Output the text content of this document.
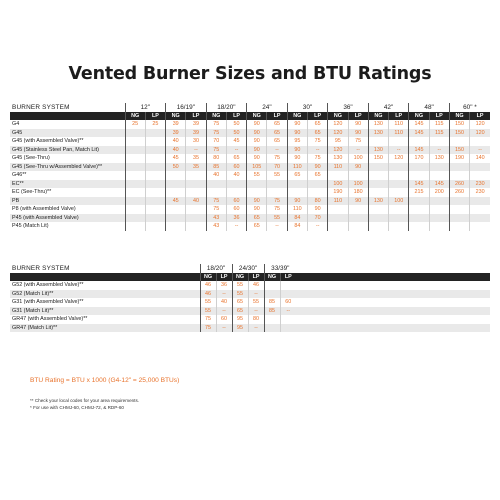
Vented Burner Sizes and BTU Ratings
BURNER SYSTEM	12"		16/19"		18/20"		24"		30"		36"		42"		48"		60" *	
	NG	LP	NG	LP	NG	LP	NG	LP	NG	LP	NG	LP	NG	LP	NG	LP	NG	LP
G4	25	25	39	39	75	50	90	65	90	65	120	90	130	110	145	115	150	120
G45			39	39	75	50	90	65	90	65	120	90	130	110	145	115	150	120
G45 (with Assembled Valve)**			40	30	70	45	90	65	95	75	95	75						
G45 (Stainless Steel Pan, Match Lit)			40	--	75	--	90	--	90	--	120	--	130	--	145	--	150	--
G45 (See-Thru)			45	35	80	65	90	75	90	75	130	100	150	120	170	130	190	140
G45 (See-Thru w/Assembled Valve)**			50	35	85	60	105	70	110	90	110	90						
G46**					40	40	55	55	65	65								
EC**											100	100			145	145	260	230
EC (See-Thru)**											190	180			215	200	260	230
PB			45	40	75	60	90	75	90	80	110	90	130	100				
P8 (with Assembled Valve)					75	60	90	75	110	90								
P45 (with Assembled Valve)					43	36	65	55	84	70								
P45 (Match Lit)					43	--	65	--	84	--								
BURNER SYSTEM	18/20"		24/30"		33/39"		
	NG	LP	NG	LP	NG	LP	
G52 (with Assembled Valve)**	46	36	55	46			
G52 (Match Lit)**	46	--	55	--			
G31 (with Assembled Valve)**	55	40	65	55	85	60	
G31 (Match Lit)**	55	--	65	--	85	--	
GR47 (with Assembled Valve)**	75	60	95	80			
GR47 (Match Lit)**	75	--	95	--			
BTU Rating = BTU x 1000 (G4-12" = 25,000 BTUs)
** Check your local codes for your area requirements.
* For use with CHMJ-60, CHMJ-72, & RDP-60
